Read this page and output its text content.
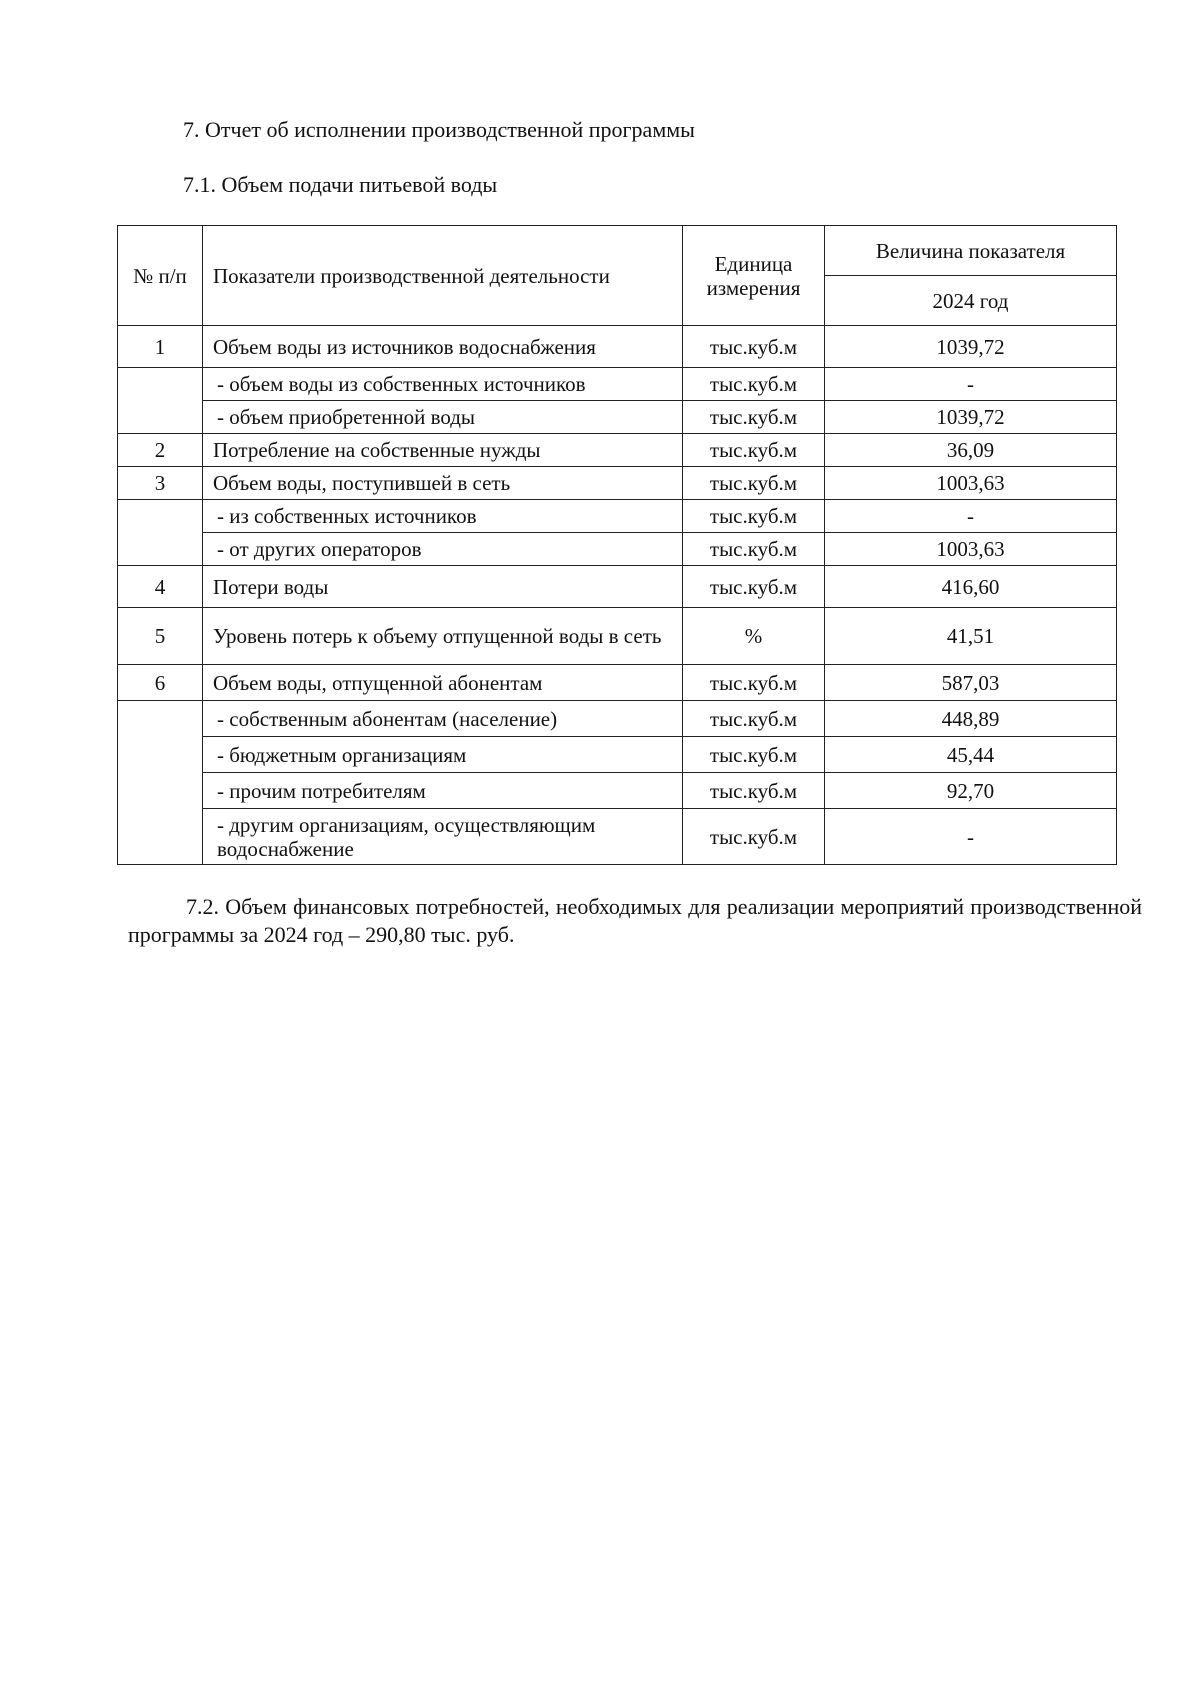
7. Отчет об исполнении производственной программы
7.1. Объем подачи питьевой воды
№ п/п	Показатели производственной деятельности	Единица измерения	Величина показателя
			2024 год
1	Объем воды из источников водоснабжения	тыс.куб.м	1039,72
	- объем воды из собственных источников	тыс.куб.м	-
	- объем приобретенной воды	тыс.куб.м	1039,72
2	Потребление на собственные нужды	тыс.куб.м	36,09
3	Объем воды, поступившей в сеть	тыс.куб.м	1003,63
	- из собственных источников	тыс.куб.м	-
	- от других операторов	тыс.куб.м	1003,63
4	Потери воды	тыс.куб.м	416,60
5	Уровень потерь к объему отпущенной воды в сеть	%	41,51
6	Объем воды, отпущенной абонентам	тыс.куб.м	587,03
	- собственным абонентам (население)	тыс.куб.м	448,89
	- бюджетным организациям	тыс.куб.м	45,44
	- прочим потребителям	тыс.куб.м	92,70
	- другим организациям, осуществляющим водоснабжение	тыс.куб.м	-
7.2. Объем финансовых потребностей, необходимых для реализации мероприятий производственной программы за 2024 год – 290,80 тыс. руб.
